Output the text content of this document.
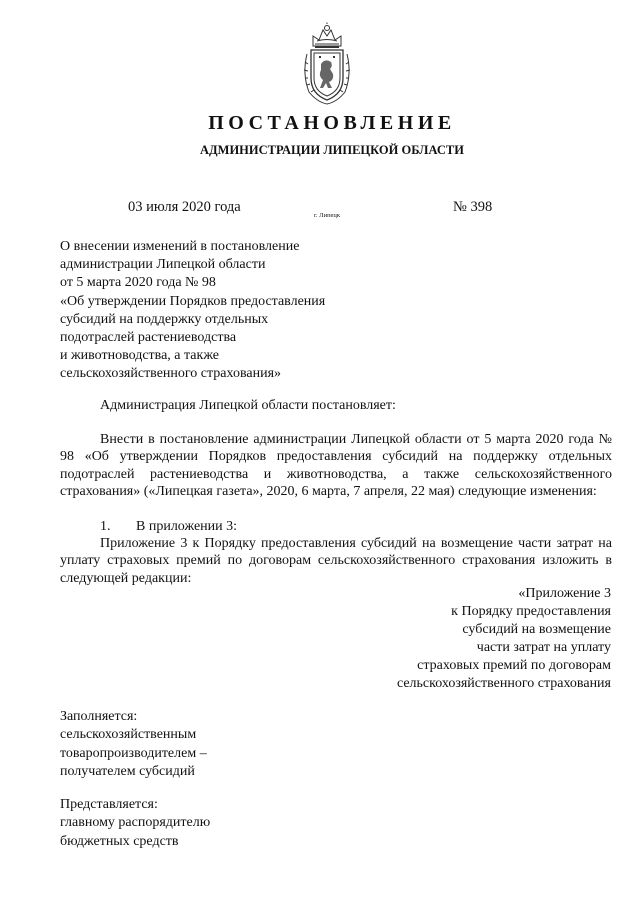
ПОСТАНОВЛЕНИЕ
АДМИНИСТРАЦИИ ЛИПЕЦКОЙ ОБЛАСТИ
03 июля 2020 года
г. Липецк
№ 398
О внесении изменений в постановление
администрации Липецкой области
от 5 марта 2020 года № 98
«Об утверждении Порядков предоставления
субсидий на поддержку отдельных
подотраслей растениеводства
и животноводства, а также
сельскохозяйственного страхования»
Администрация Липецкой области постановляет:
Внести в постановление администрации Липецкой области от 5 марта 2020 года № 98 «Об утверждении Порядков предоставления субсидий на поддержку отдельных подотраслей растениеводства и животноводства, а также сельскохозяйственного страхования» («Липецкая газета», 2020, 6 марта, 7 апреля, 22 мая) следующие изменения:
1. В приложении 3:
Приложение 3 к Порядку предоставления субсидий на возмещение части затрат на уплату страховых премий по договорам сельскохозяйственного страхования изложить в следующей редакции:
«Приложение 3
к Порядку предоставления
субсидий на возмещение
части затрат на уплату
страховых премий по договорам
сельскохозяйственного страхования
Заполняется:
сельскохозяйственным
товаропроизводителем –
получателем субсидий
Представляется:
главному распорядителю
бюджетных средств
